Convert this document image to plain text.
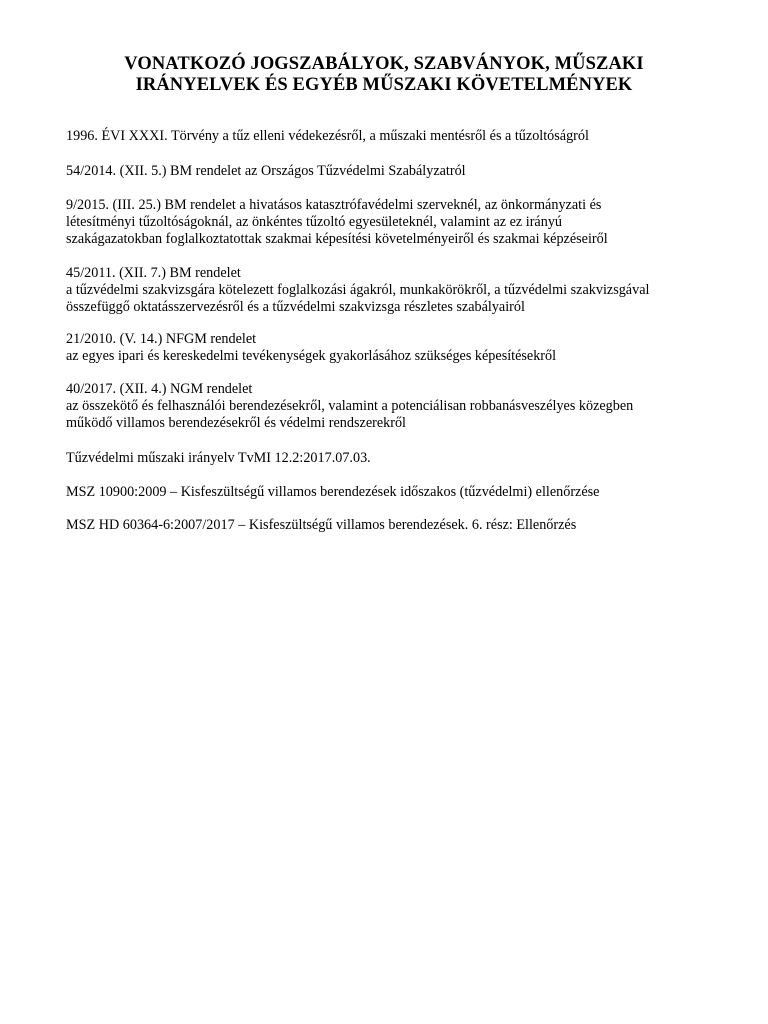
VONATKOZÓ JOGSZABÁLYOK, SZABVÁNYOK, MŰSZAKI
IRÁNYELVEK ÉS EGYÉB MŰSZAKI KÖVETELMÉNYEK
1996. ÉVI XXXI. Törvény a tűz elleni védekezésről, a műszaki mentésről és a tűzoltóságról
54/2014. (XII. 5.) BM rendelet az Országos Tűzvédelmi Szabályzatról
9/2015. (III. 25.) BM rendelet a hivatásos katasztrófavédelmi szerveknél, az önkormányzati és
létesítményi tűzoltóságoknál, az önkéntes tűzoltó egyesületeknél, valamint az ez irányú
szakágazatokban foglalkoztatottak szakmai képesítési követelményeiről és szakmai képzéseiről
45/2011. (XII. 7.) BM rendelet
a tűzvédelmi szakvizsgára kötelezett foglalkozási ágakról, munkakörökről, a tűzvédelmi szakvizsgával
összefüggő oktatásszervezésről és a tűzvédelmi szakvizsga részletes szabályairól
21/2010. (V. 14.) NFGM rendelet
az egyes ipari és kereskedelmi tevékenységek gyakorlásához szükséges képesítésekről
40/2017. (XII. 4.) NGM rendelet
az összekötő és felhasználói berendezésekről, valamint a potenciálisan robbanásveszélyes közegben
működő villamos berendezésekről és védelmi rendszerekről
Tűzvédelmi műszaki irányelv TvMI 12.2:2017.07.03.
MSZ 10900:2009 – Kisfeszültségű villamos berendezések időszakos (tűzvédelmi) ellenőrzése
MSZ HD 60364-6:2007/2017 – Kisfeszültségű villamos berendezések. 6. rész: Ellenőrzés
